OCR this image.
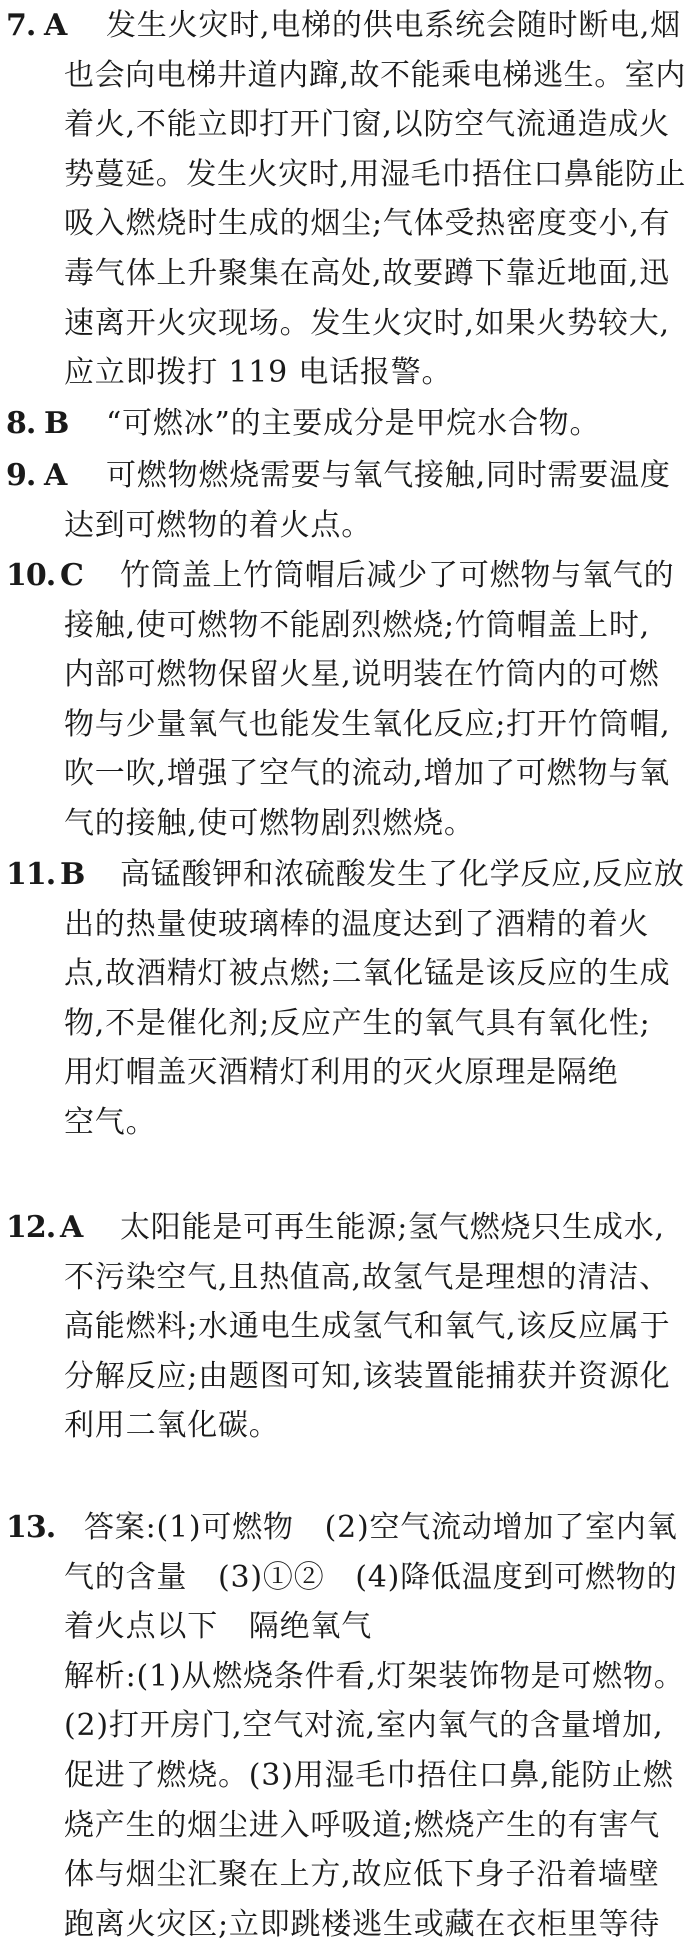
7. A 发生火灾时,电梯的供电系统会随时断电,烟
也会向电梯井道内蹿,故不能乘电梯逃生。室内
着火,不能立即打开门窗,以防空气流通造成火
势蔓延。发生火灾时,用湿毛巾捂住口鼻能防止
吸入燃烧时生成的烟尘;气体受热密度变小,有
毒气体上升聚集在高处,故要蹲下靠近地面,迅
速离开火灾现场。发生火灾时,如果火势较大,
应立即拨打 119 电话报警。
8. B “可燃冰”的主要成分是甲烷水合物。
9. A 可燃物燃烧需要与氧气接触,同时需要温度
达到可燃物的着火点。
10. C 竹筒盖上竹筒帽后减少了可燃物与氧气的
接触,使可燃物不能剧烈燃烧;竹筒帽盖上时,
内部可燃物保留火星,说明装在竹筒内的可燃
物与少量氧气也能发生氧化反应;打开竹筒帽,
吹一吹,增强了空气的流动,增加了可燃物与氧
气的接触,使可燃物剧烈燃烧。
11. B 高锰酸钾和浓硫酸发生了化学反应,反应放
出的热量使玻璃棒的温度达到了酒精的着火
点,故酒精灯被点燃;二氧化锰是该反应的生成
物,不是催化剂;反应产生的氧气具有氧化性;
用灯帽盖灭酒精灯利用的灭火原理是隔绝
空气。
12. A 太阳能是可再生能源;氢气燃烧只生成水,
不污染空气,且热值高,故氢气是理想的清洁、
高能燃料;水通电生成氢气和氧气,该反应属于
分解反应;由题图可知,该装置能捕获并资源化
利用二氧化碳。
13. 答案:(1)可燃物　(2)空气流动增加了室内氧
气的含量　(3)①②　(4)降低温度到可燃物的
着火点以下　隔绝氧气
解析:(1)从燃烧条件看,灯架装饰物是可燃物。
(2)打开房门,空气对流,室内氧气的含量增加,
促进了燃烧。(3)用湿毛巾捂住口鼻,能防止燃
烧产生的烟尘进入呼吸道;燃烧产生的有害气
体与烟尘汇聚在上方,故应低下身子沿着墙壁
跑离火灾区;立即跳楼逃生或藏在衣柜里等待
